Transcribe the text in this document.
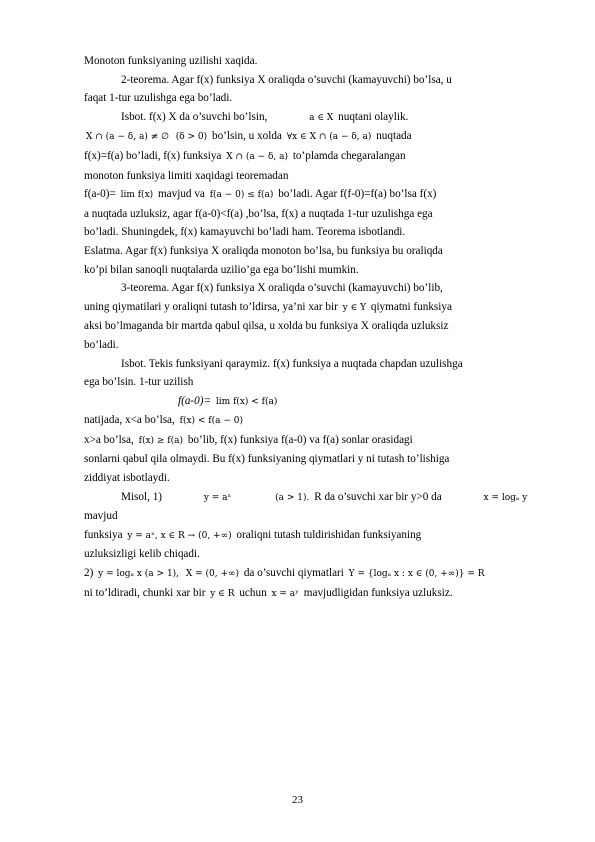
Monoton funksiyaning uzilishi xaqida.

2-teorema. Agar f(x) funksiya X oraliqda o’suvchi (kamayuvchi) bo’lsa, u

faqat 1-tur uzulishga ega bo’ladi.

Isbot. f(x) X da o’suvchi bo’lsin,	a ∈ X nuqtani olaylik.

X ∩ (a − δ, a) ≠ ∅ (δ > 0) bo’lsin, u xolda ∀x ∈ X ∩ (a − δ, a) nuqtada

f(x)=f(a) bo’ladi, f(x) funksiya X ∩ (a − δ, a) to’plamda chegaralangan

monoton funksiya limiti xaqidagi teoremadan

f(a-0)= lim f(x) mavjud va f(a − 0) ≤ f(a) bo’ladi. Agar f(f-0)=f(a) bo’lsa f(x)

a nuqtada uzluksiz, agar f(a-0)<f(a) ,bo’lsa, f(x) a nuqtada 1-tur uzulishga ega

bo’ladi. Shuningdek, f(x) kamayuvchi bo’ladi ham. Teorema isbotlandi.

Eslatma. Agar f(x) funksiya X oraliqda monoton bo’lsa, bu funksiya bu oraliqda

ko’pi bilan sanoqli nuqtalarda uzilio’ga ega bo’lishi mumkin.

3-teorema. Agar f(x) funksiya X oraliqda o’suvchi (kamayuvchi) bo’lib,

uning qiymatilari y oraliqni tutash to’ldirsa, ya’ni xar bir y ∈ Y qiymatni funksiya

aksi bo’lmaganda bir martda qabul qilsa, u xolda bu funksiya X oraliqda uzluksiz

bo’ladi.

Isbot. Tekis funksiyani qaraymiz. f(x) funksiya a nuqtada chapdan uzulishga

ega bo’lsin. 1-tur uzilish

f(a-0)= lim f(x) < f(a)

natijada, x<a bo’lsa, f(x) < f(a − 0)

x>a bo’lsa, f(x) ≥ f(a) bo’lib, f(x) funksiya f(a-0) va f(a) sonlar orasidagi

sonlarni qabul qila olmaydi. Bu f(x) funksiyaning qiymatlari y ni tutash to’lishiga

ziddiyat isbotlaydi.

Misol, 1)	y = aˣ	(a > 1). R da o’suvchi xar bir y>0 da	x = logₐ y mavjud

funksiya y = aˣ, x ∈ R → (0, +∞) oraliqni tutash tuldirishidan funksiyaning

uzluksizligi kelib chiqadi.

2) y = logₐ x (a > 1), X = (0, +∞) da o’suvchi qiymatlari Y = {logₐ x : x ∈ (0, +∞)} = R

ni to’ldiradi, chunki xar bir y ∈ R uchun x = aʸ mavjudligidan funksiya uzluksiz.

23
